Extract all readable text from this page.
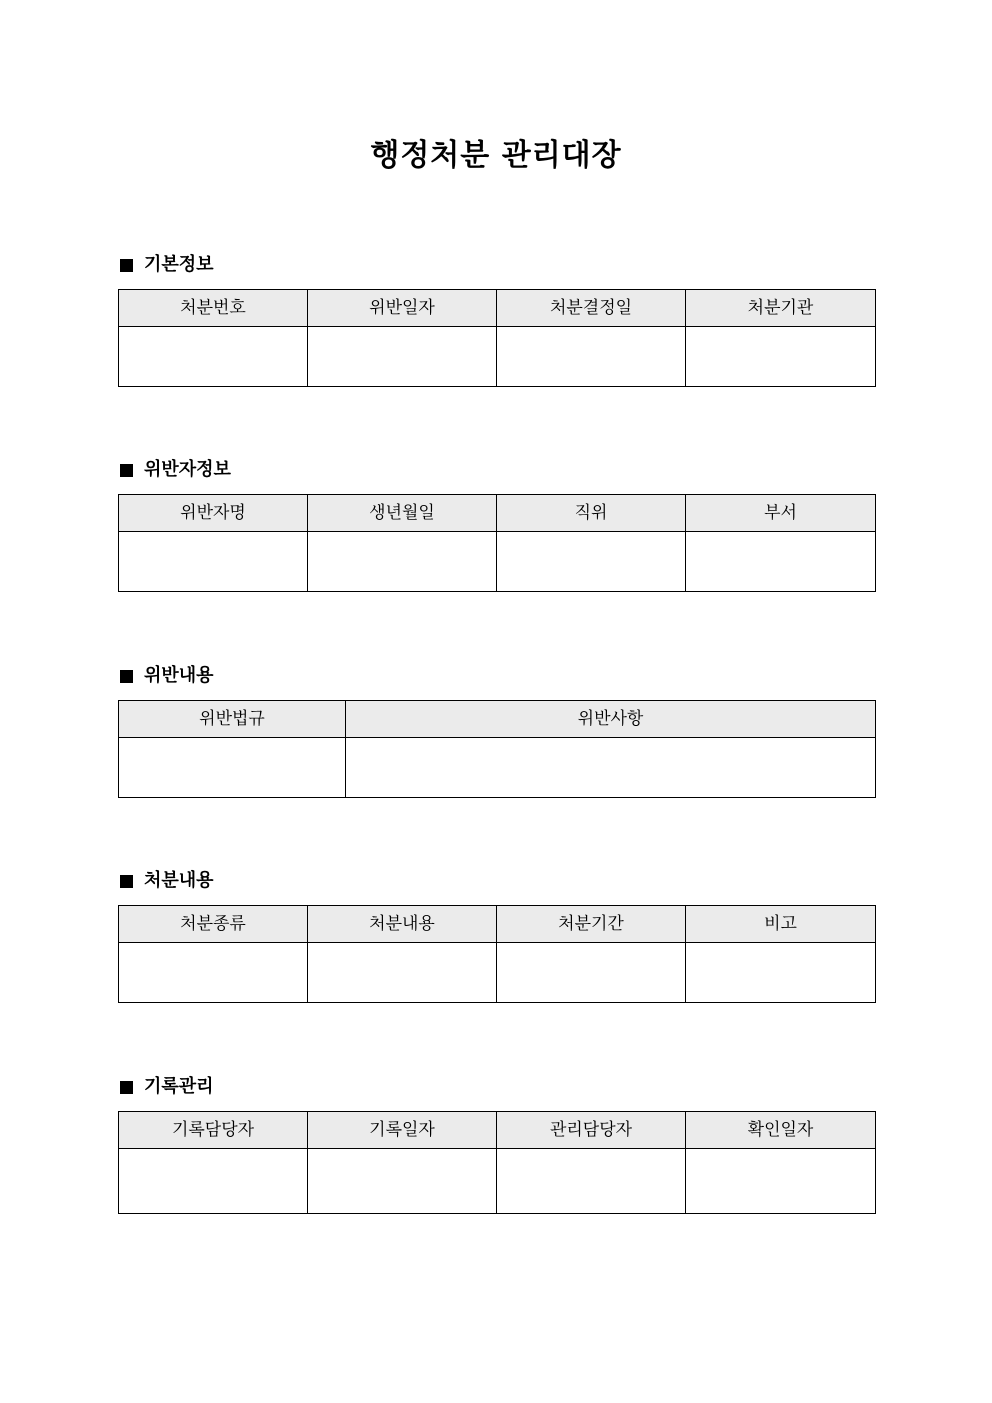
행정처분 관리대장
기본정보
처분번호	위반일자	처분결정일	처분기관

위반자정보
위반자명	생년월일	직위	부서

위반내용
위반법규	위반사항

처분내용
처분종류	처분내용	처분기간	비고

기록관리
기록담당자	기록일자	관리담당자	확인일자
